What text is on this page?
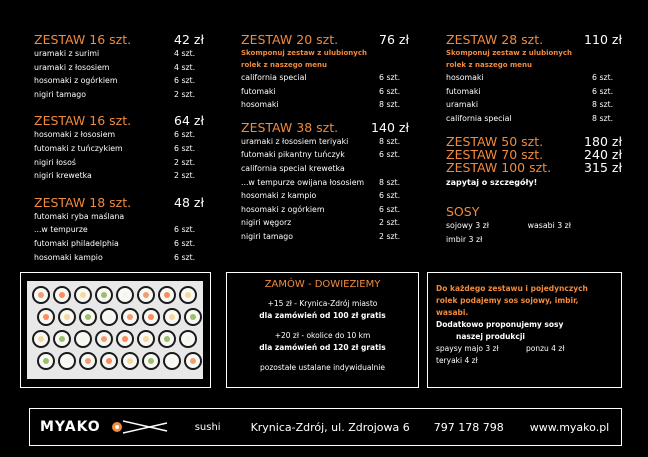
ZESTAW 16 szt.	42 zł
uramaki z surimi	4 szt.
uramaki z łososiem	4 szt.
hosomaki z ogórkiem	6 szt.
nigiri tamago	2 szt.
ZESTAW 16 szt.	64 zł
hosomaki z łososiem	6 szt.
futomaki z tuńczykiem	6 szt.
nigiri łosoś	2 szt.
nigiri krewetka	2 szt.
ZESTAW 18 szt.	48 zł
futomaki ryba maślana
...w tempurze	6 szt.
futomaki philadelphia	6 szt.
hosomaki kampio	6 szt.
ZESTAW 20 szt.	76 zł
Skomponuj zestaw z ulubionych
rolek z naszego menu
california special	6 szt.
futomaki	6 szt.
hosomaki	8 szt.
ZESTAW 38 szt.	140 zł
uramaki z łososiem teriyaki	8 szt.
futomaki pikantny tuńczyk	6 szt.
california special krewetka
...w tempurze owijana łososiem 8 szt.
hosomaki z kampio	6 szt.
hosomaki z ogórkiem	6 szt.
nigiri węgorz	2 szt.
nigiri tamago	2 szt.
ZESTAW 28 szt.	110 zł
Skomponuj zestaw z ulubionych
rolek z naszego menu
hosomaki	6 szt.
futomaki	6 szt.
uramaki	8 szt.
california special	8 szt.
ZESTAW 50 szt.	180 zł
ZESTAW 70 szt.	240 zł
ZESTAW 100 szt.	315 zł
zapytaj o szczegóły!
SOSY
sojowy 3 zł	wasabi 3 zł
imbir 3 zł
ZAMÓW - DOWIEZIEMY
+15 zł - Krynica-Zdrój miasto
dla zamówień od 100 zł gratis
+20 zł - okolice do 10 km
dla zamówień od 120 zł gratis
pozostałe ustalane indywidualnie
Do każdego zestawu i pojedynczych
rolek podajemy sos sojowy, imbir,
wasabi.
Dodatkowo proponujemy sosy
naszej produkcji
spaysy majo 3 zł	ponzu 4 zł
teryaki 4 zł
MYAKO	sushi	Krynica-Zdrój, ul. Zdrojowa 6 797 178 798 www.myako.pl
